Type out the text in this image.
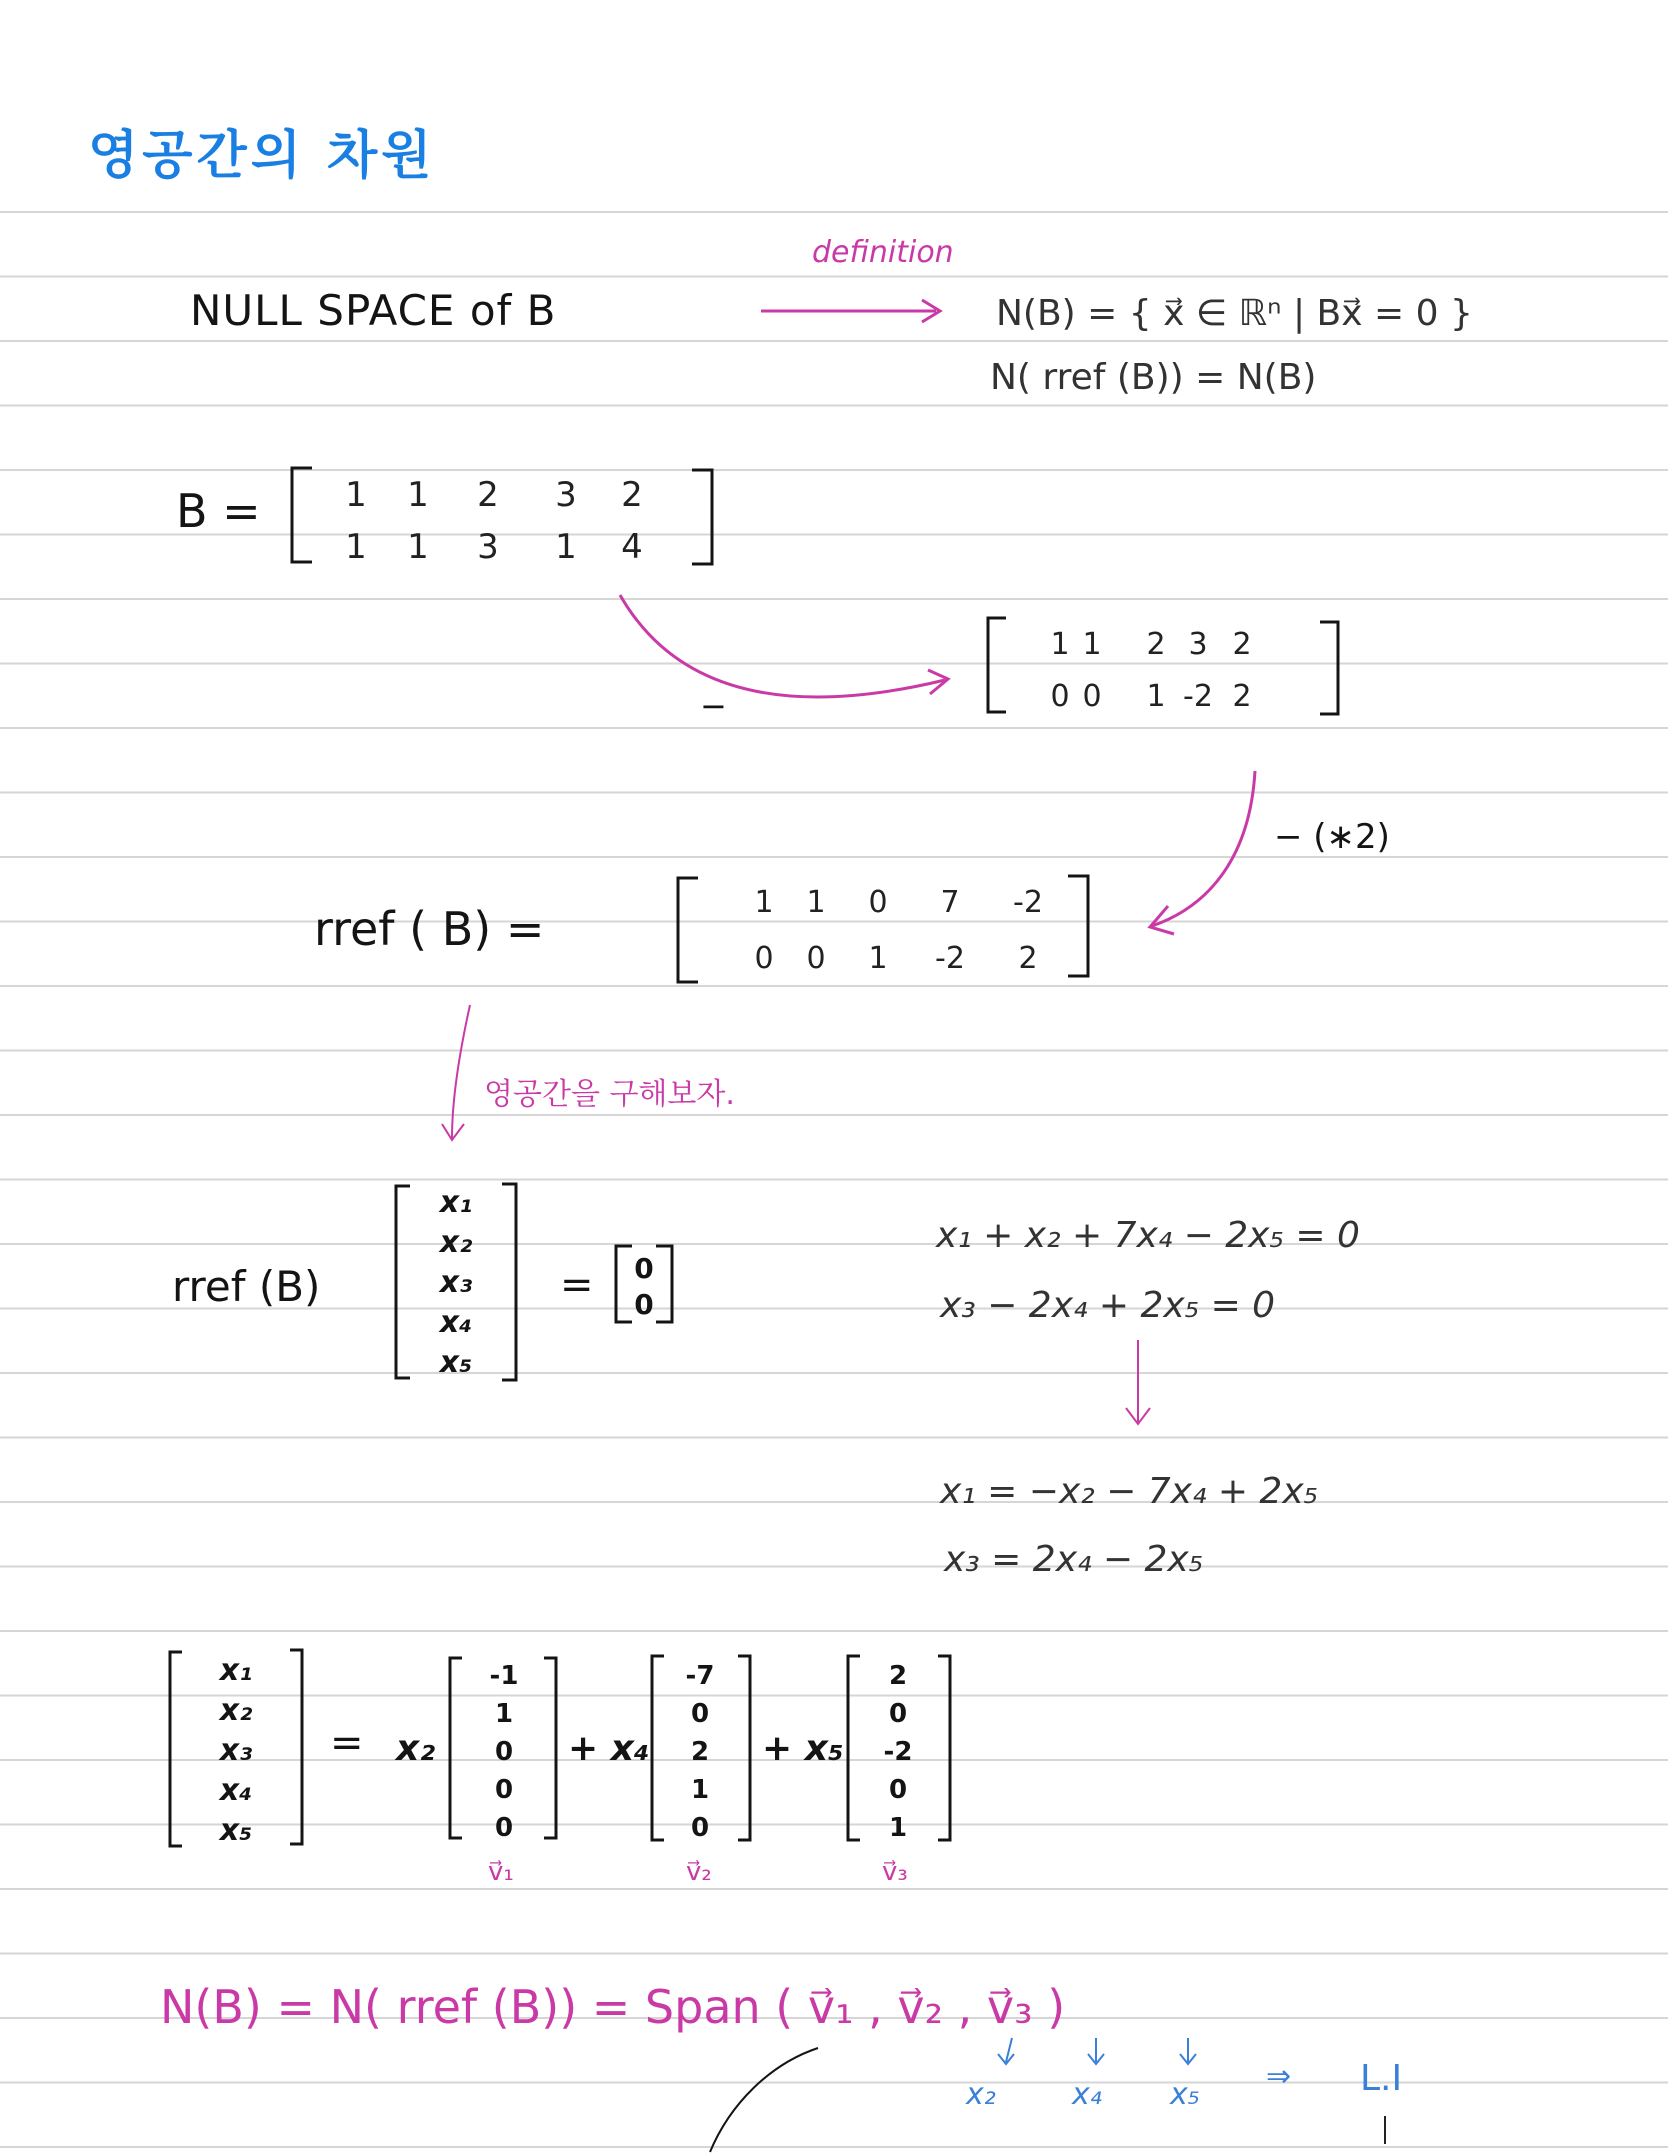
영공간의 차원
definition
NULL SPACE of B	N(B) = { x⃗ ∈ ℝⁿ | Bx⃗ = 0 }
N( rref (B)) = N(B)
B = 1 1 2 3 2
1 1 3 1 4
−
1 1 2 3 2
0 0 1 -2 2
− (∗2)
rref ( B) =	1 1 0 7 -2
0 0 1 -2 2
영공간을 구해보자.
rref (B)
x₁
x₂
x₃
x₄
x₅
= 0
0
x₁ + x₂ + 7x₄ − 2x₅ = 0
x₃ − 2x₄ + 2x₅ = 0
x₁ = −x₂ − 7x₄ + 2x₅
x₃ = 2x₄ − 2x₅
x₁
x₂
x₃
x₄
x₅
= x₂
-1
1
0
0
0
v⃗₁
+ x₄
-7
0
2
1
0
v⃗₂
+ x₅
2
0
-2
0
1
v⃗₃
N(B) = N( rref (B)) = Span ( v⃗₁ , v⃗₂ , v⃗₃ )
x₂	x₄ x₅
⇒ L.I
